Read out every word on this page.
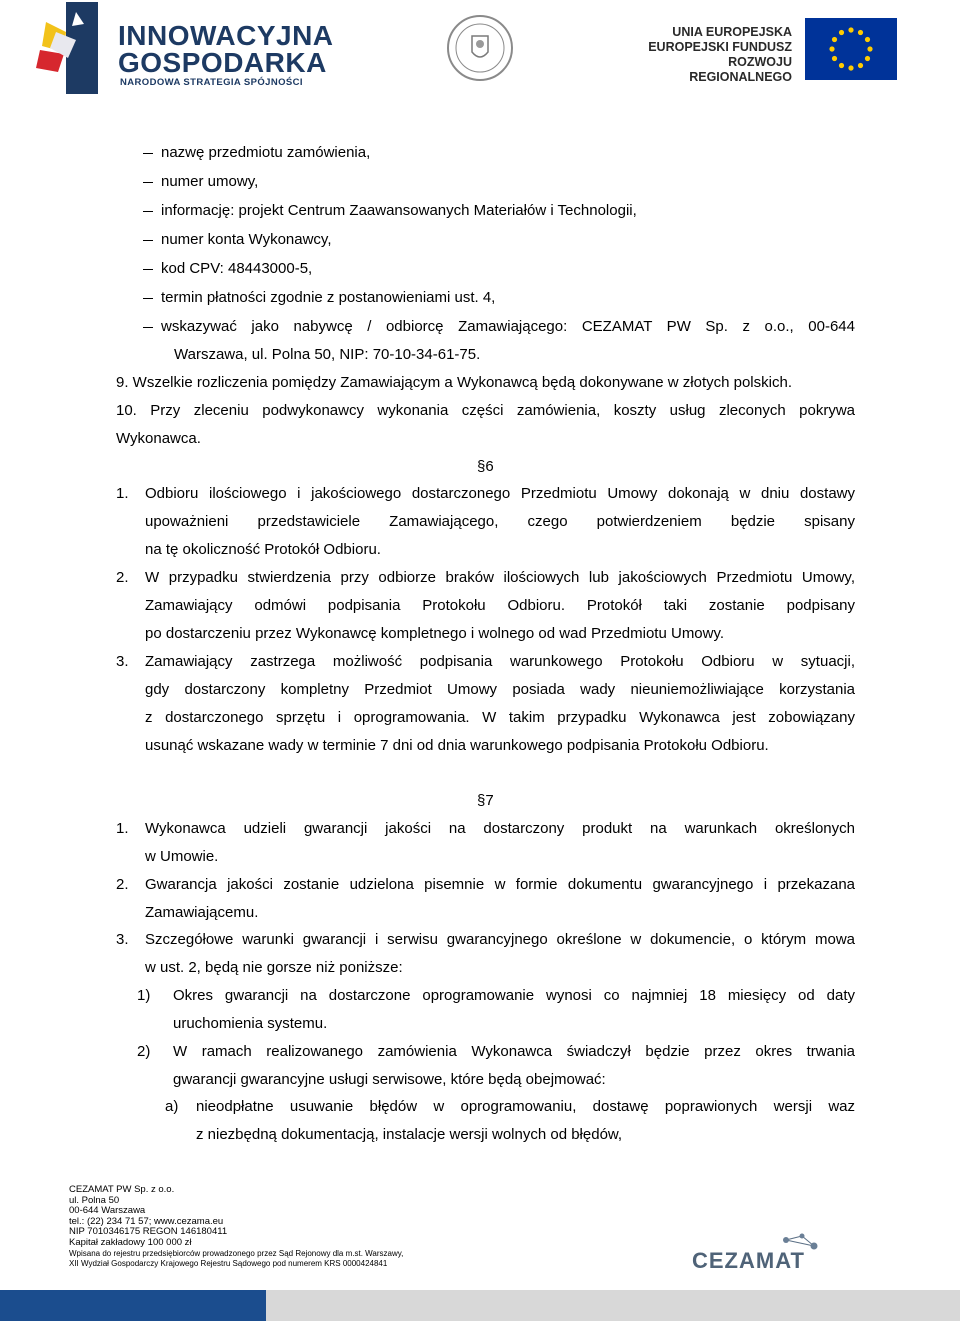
INNOWACYJNA
GOSPODARKA
NARODOWA STRATEGIA SPÓJNOŚCI
UNIA EUROPEJSKA
EUROPEJSKI FUNDUSZ
ROZWOJU REGIONALNEGO
nazwę przedmiotu zamówienia,
numer umowy,
informację: projekt Centrum Zaawansowanych Materiałów i Technologii,
numer konta Wykonawcy,
kod CPV: 48443000-5,
termin płatności zgodnie z postanowieniami ust. 4,
wskazywać jako nabywcę / odbiorcę Zamawiającego: CEZAMAT PW Sp. z o.o., 00-644
Warszawa, ul. Polna 50, NIP: 70-10-34-61-75.
9. Wszelkie rozliczenia pomiędzy Zamawiającym a Wykonawcą będą dokonywane w złotych polskich.
10. Przy zleceniu podwykonawcy wykonania części zamówienia, koszty usług zleconych pokrywa
Wykonawca.
§6
1. Odbioru ilościowego i jakościowego dostarczonego Przedmiotu Umowy dokonają w dniu dostawy
upoważnieni przedstawiciele Zamawiającego, czego potwierdzeniem będzie spisany
na tę okoliczność Protokół Odbioru.
2. W przypadku stwierdzenia przy odbiorze braków ilościowych lub jakościowych Przedmiotu Umowy,
Zamawiający odmówi podpisania Protokołu Odbioru. Protokół taki zostanie podpisany
po dostarczeniu przez Wykonawcę kompletnego i wolnego od wad Przedmiotu Umowy.
3. Zamawiający zastrzega możliwość podpisania warunkowego Protokołu Odbioru w sytuacji,
gdy dostarczony kompletny Przedmiot Umowy posiada wady nieuniemożliwiające korzystania
z dostarczonego sprzętu i oprogramowania. W takim przypadku Wykonawca jest zobowiązany
usunąć wskazane wady w terminie 7 dni od dnia warunkowego podpisania Protokołu Odbioru.
§7
1. Wykonawca udzieli gwarancji jakości na dostarczony produkt na warunkach określonych
w Umowie.
2. Gwarancja jakości zostanie udzielona pisemnie w formie dokumentu gwarancyjnego i przekazana
Zamawiającemu.
3. Szczegółowe warunki gwarancji i serwisu gwarancyjnego określone w dokumencie, o którym mowa
w ust. 2, będą nie gorsze niż poniższe:
1) Okres gwarancji na dostarczone oprogramowanie wynosi co najmniej 18 miesięcy od daty
uruchomienia systemu.
2) W ramach realizowanego zamówienia Wykonawca świadczył będzie przez okres trwania
gwarancji gwarancyjne usługi serwisowe, które będą obejmować:
a) nieodpłatne usuwanie błędów w oprogramowaniu, dostawę poprawionych wersji waz
z niezbędną dokumentacją, instalacje wersji wolnych od błędów,
CEZAMAT PW Sp. z o.o.
ul. Polna 50
00-644 Warszawa
tel.: (22) 234 71 57; www.cezama.eu
NIP 7010346175 REGON 146180411
Kapitał zakładowy 100 000 zł
Wpisana do rejestru przedsiębiorców prowadzonego przez Sąd Rejonowy dla m.st. Warszawy,
XII Wydział Gospodarczy Krajowego Rejestru Sądowego pod numerem KRS 0000424841	CEZAMAT
